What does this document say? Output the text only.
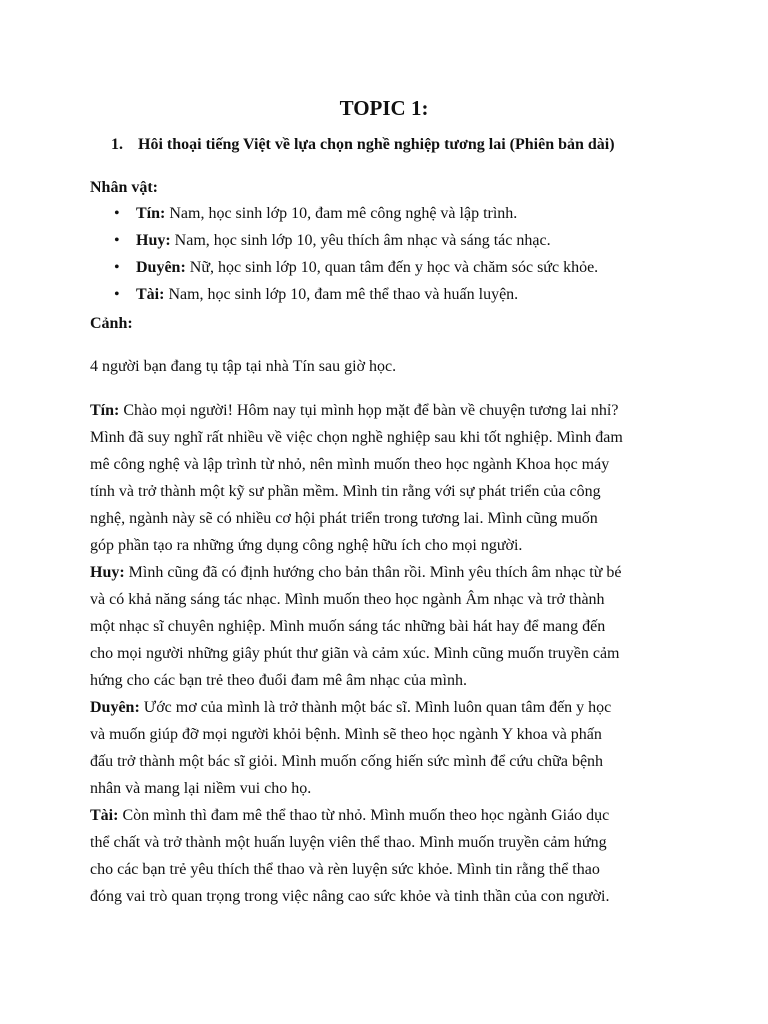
TOPIC 1:
1. Hôi thoại tiếng Việt về lựa chọn nghề nghiệp tương lai (Phiên bản dài)
Nhân vật:
• Tín: Nam, học sinh lớp 10, đam mê công nghệ và lập trình.
• Huy: Nam, học sinh lớp 10, yêu thích âm nhạc và sáng tác nhạc.
• Duyên: Nữ, học sinh lớp 10, quan tâm đến y học và chăm sóc sức khỏe.
• Tài: Nam, học sinh lớp 10, đam mê thể thao và huấn luyện.
Cảnh:
4 người bạn đang tụ tập tại nhà Tín sau giờ học.

Tín: Chào mọi người! Hôm nay tụi mình họp mặt để bàn về chuyện tương lai nhỉ?
Mình đã suy nghĩ rất nhiều về việc chọn nghề nghiệp sau khi tốt nghiệp. Mình đam
mê công nghệ và lập trình từ nhỏ, nên mình muốn theo học ngành Khoa học máy
tính và trở thành một kỹ sư phần mềm. Mình tin rằng với sự phát triển của công
nghệ, ngành này sẽ có nhiều cơ hội phát triển trong tương lai. Mình cũng muốn
góp phần tạo ra những ứng dụng công nghệ hữu ích cho mọi người.

Huy: Mình cũng đã có định hướng cho bản thân rồi. Mình yêu thích âm nhạc từ bé
và có khả năng sáng tác nhạc. Mình muốn theo học ngành Âm nhạc và trở thành
một nhạc sĩ chuyên nghiệp. Mình muốn sáng tác những bài hát hay để mang đến
cho mọi người những giây phút thư giãn và cảm xúc. Mình cũng muốn truyền cảm
hứng cho các bạn trẻ theo đuổi đam mê âm nhạc của mình.

Duyên: Ước mơ của mình là trở thành một bác sĩ. Mình luôn quan tâm đến y học
và muốn giúp đỡ mọi người khỏi bệnh. Mình sẽ theo học ngành Y khoa và phấn
đấu trở thành một bác sĩ giỏi. Mình muốn cống hiến sức mình để cứu chữa bệnh
nhân và mang lại niềm vui cho họ.

Tài: Còn mình thì đam mê thể thao từ nhỏ. Mình muốn theo học ngành Giáo dục
thể chất và trở thành một huấn luyện viên thể thao. Mình muốn truyền cảm hứng
cho các bạn trẻ yêu thích thể thao và rèn luyện sức khỏe. Mình tin rằng thể thao
đóng vai trò quan trọng trong việc nâng cao sức khỏe và tinh thần của con người.
